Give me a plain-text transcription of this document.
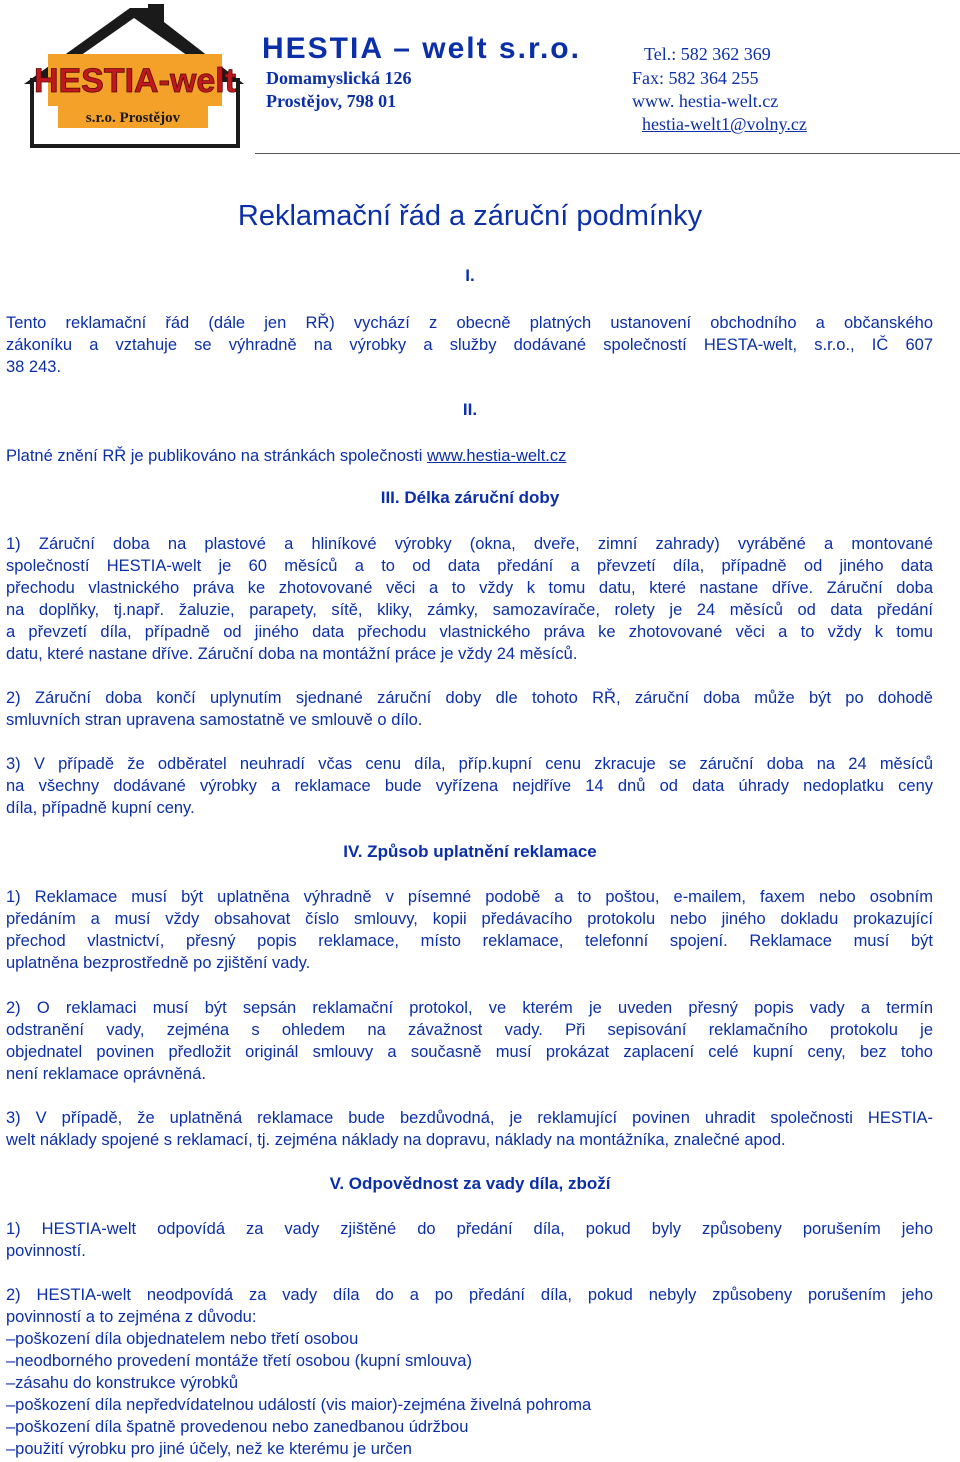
HESTIA-welt
s.r.o. Prostějov
HESTIA – welt s.r.o.
Domamyslická 126
Prostějov, 798 01
Tel.: 582 362 369
Fax: 582 364 255
www. hestia-welt.cz
hestia-welt1@volny.cz
Reklamační řád a záruční podmínky
I.
Tento reklamační řád (dále jen RŘ) vychází z obecně platných ustanovení obchodního a občanského
zákoníku a vztahuje se výhradně na výrobky a služby dodávané společností HESTA-welt, s.r.o., IČ 607
38 243.
II.
Platné znění RŘ je publikováno na stránkách společnosti www.hestia-welt.cz
III. Délka záruční doby
1) Záruční doba na plastové a hliníkové výrobky (okna, dveře, zimní zahrady) vyráběné a montované
společností HESTIA-welt je 60 měsíců a to od data předání a převzetí díla, případně od jiného data
přechodu vlastnického práva ke zhotovované věci a to vždy k tomu datu, které nastane dříve. Záruční doba
na doplňky, tj.např. žaluzie, parapety, sítě, kliky, zámky, samozavírače, rolety je 24 měsíců od data předání
a převzetí díla, případně od jiného data přechodu vlastnického práva ke zhotovované věci a to vždy k tomu
datu, které nastane dříve. Záruční doba na montážní práce je vždy 24 měsíců.
2) Záruční doba končí uplynutím sjednané záruční doby dle tohoto RŘ, záruční doba může být po dohodě
smluvních stran upravena samostatně ve smlouvě o dílo.
3) V případě že odběratel neuhradí včas cenu díla, příp.kupní cenu zkracuje se záruční doba na 24 měsíců
na všechny dodávané výrobky a reklamace bude vyřízena nejdříve 14 dnů od data úhrady nedoplatku ceny
díla, případně kupní ceny.
IV. Způsob uplatnění reklamace
1) Reklamace musí být uplatněna výhradně v písemné podobě a to poštou, e-mailem, faxem nebo osobním
předáním a musí vždy obsahovat číslo smlouvy, kopii předávacího protokolu nebo jiného dokladu prokazující
přechod vlastnictví, přesný popis reklamace, místo reklamace, telefonní spojení. Reklamace musí být
uplatněna bezprostředně po zjištění vady.
2) O reklamaci musí být sepsán reklamační protokol, ve kterém je uveden přesný popis vady a termín
odstranění vady, zejména s ohledem na závažnost vady. Při sepisování reklamačního protokolu je
objednatel povinen předložit originál smlouvy a současně musí prokázat zaplacení celé kupní ceny, bez toho
není reklamace oprávněná.
3) V případě, že uplatněná reklamace bude bezdůvodná, je reklamující povinen uhradit společnosti HESTIA-
welt náklady spojené s reklamací, tj. zejména náklady na dopravu, náklady na montážníka, znalečné apod.
V. Odpovědnost za vady díla, zboží
1) HESTIA-welt odpovídá za vady zjištěné do předání díla, pokud byly způsobeny porušením jeho
povinností.
2) HESTIA-welt neodpovídá za vady díla do a po předání díla, pokud nebyly způsobeny porušením jeho
povinností a to zejména z důvodu:
–poškození díla objednatelem nebo třetí osobou
–neodborného provedení montáže třetí osobou (kupní smlouva)
–zásahu do konstrukce výrobků
–poškození díla nepředvídatelnou událostí (vis maior)-zejména živelná pohroma
–poškození díla špatně provedenou nebo zanedbanou údržbou
–použití výrobku pro jiné účely, než ke kterému je určen
